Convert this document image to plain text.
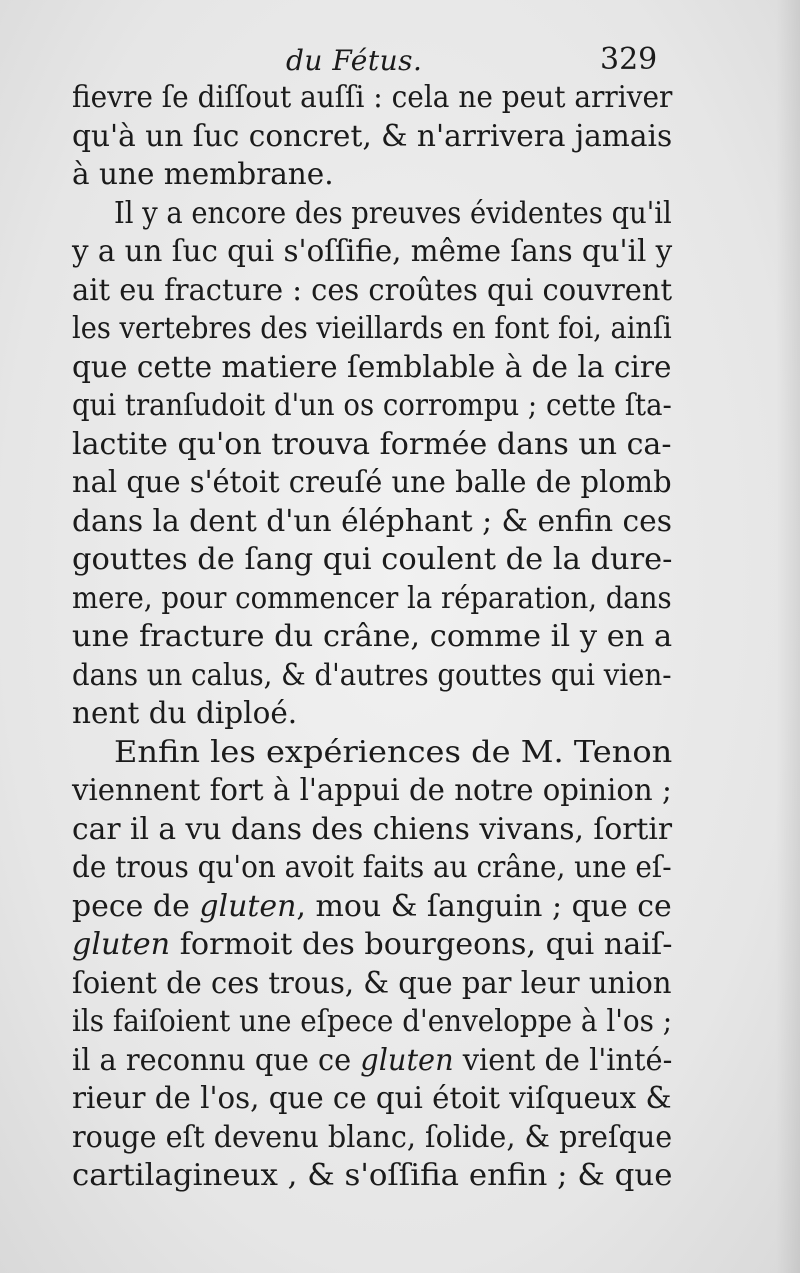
du Fétus.	329
fievre ſe diſſout auſſi : cela ne peut arriver
qu'à un ſuc concret, & n'arrivera jamais
à une membrane.
Il y a encore des preuves évidentes qu'il
y a un ſuc qui s'oſſifie, même ſans qu'il y
ait eu fracture : ces croûtes qui couvrent
les vertebres des vieillards en font foi, ainſi
que cette matiere ſemblable à de la cire
qui tranſudoit d'un os corrompu ; cette ſta-
lactite qu'on trouva formée dans un ca-
nal que s'étoit creuſé une balle de plomb
dans la dent d'un éléphant ; & enfin ces
gouttes de ſang qui coulent de la dure-
mere, pour commencer la réparation, dans
une fracture du crâne, comme il y en a
dans un calus, & d'autres gouttes qui vien-
nent du diploé.
Enfin les expériences de M. Tenon
viennent fort à l'appui de notre opinion ;
car il a vu dans des chiens vivans, ſortir
de trous qu'on avoit faits au crâne, une eſ-
pece de gluten, mou & ſanguin ; que ce
gluten formoit des bourgeons, qui naiſ-
ſoient de ces trous, & que par leur union
ils faiſoient une eſpece d'enveloppe à l'os ;
il a reconnu que ce gluten vient de l'inté-
rieur de l'os, que ce qui étoit viſqueux &
rouge eſt devenu blanc, ſolide, & preſque
cartilagineux , & s'oſſifia enfin ; & que
